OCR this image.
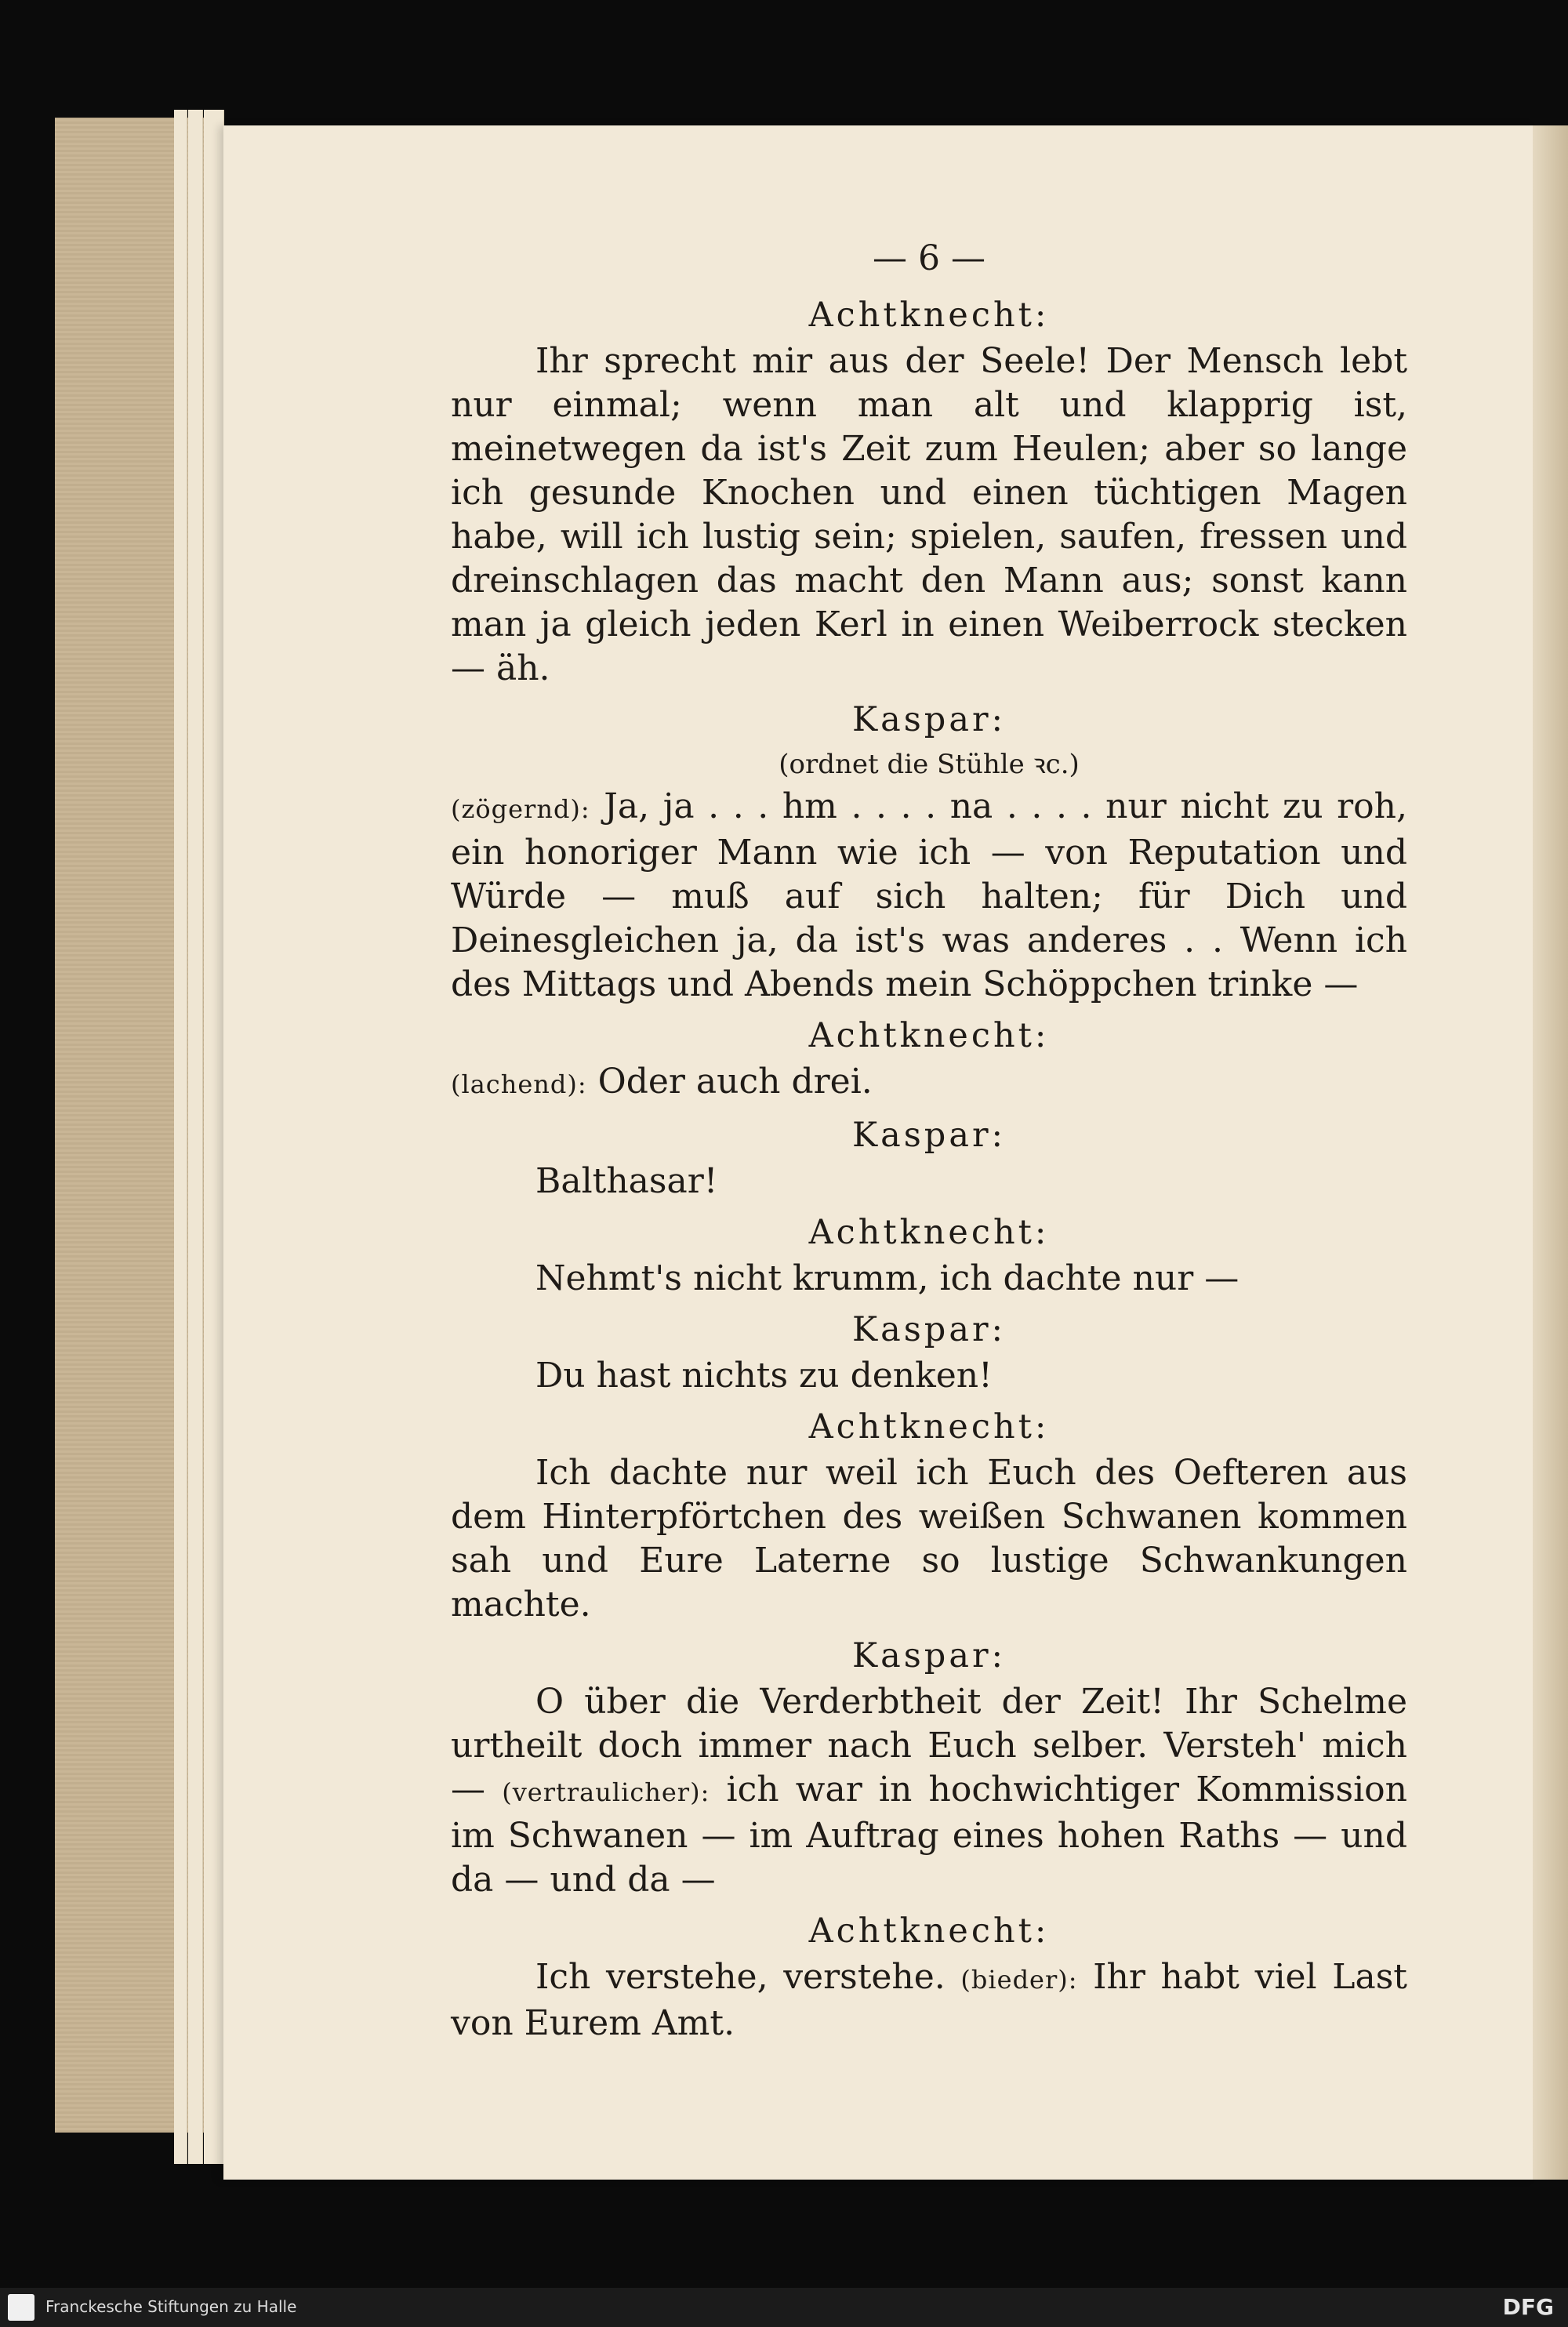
— 6 —
Achtknecht:

Ihr sprecht mir aus der Seele! Der Mensch lebt nur einmal; wenn man alt und klapprig ist, meinetwegen da ist's Zeit zum Heulen; aber so lange ich gesunde Knochen und einen tüchtigen Magen habe, will ich lustig sein; spielen, saufen, fressen und dreinschlagen das macht den Mann aus; sonst kann man ja gleich jeden Kerl in einen Weiberrock stecken — äh.

Kaspar:
(ordnet die Stühle ꝛc.)

(zögernd): Ja, ja . . . hm . . . . na . . . . nur nicht zu roh, ein honoriger Mann wie ich — von Reputation und Würde — muß auf sich halten; für Dich und Deinesgleichen ja, da ist's was anderes . . Wenn ich des Mittags und Abends mein Schöppchen trinke —

Achtknecht:

(lachend): Oder auch drei.

Kaspar:

Balthasar!

Achtknecht:

Nehmt's nicht krumm, ich dachte nur —

Kaspar:

Du hast nichts zu denken!

Achtknecht:

Ich dachte nur weil ich Euch des Oefteren aus dem Hinterpförtchen des weißen Schwanen kommen sah und Eure Laterne so lustige Schwankungen machte.

Kaspar:

O über die Verderbtheit der Zeit! Ihr Schelme urtheilt doch immer nach Euch selber. Versteh' mich — (vertraulicher): ich war in hochwichtiger Kommission im Schwanen — im Auftrag eines hohen Raths — und da — und da —

Achtknecht:

Ich verstehe, verstehe. (bieder): Ihr habt viel Last von Eurem Amt.

Franckesche Stiftungen zu Halle	DFG
